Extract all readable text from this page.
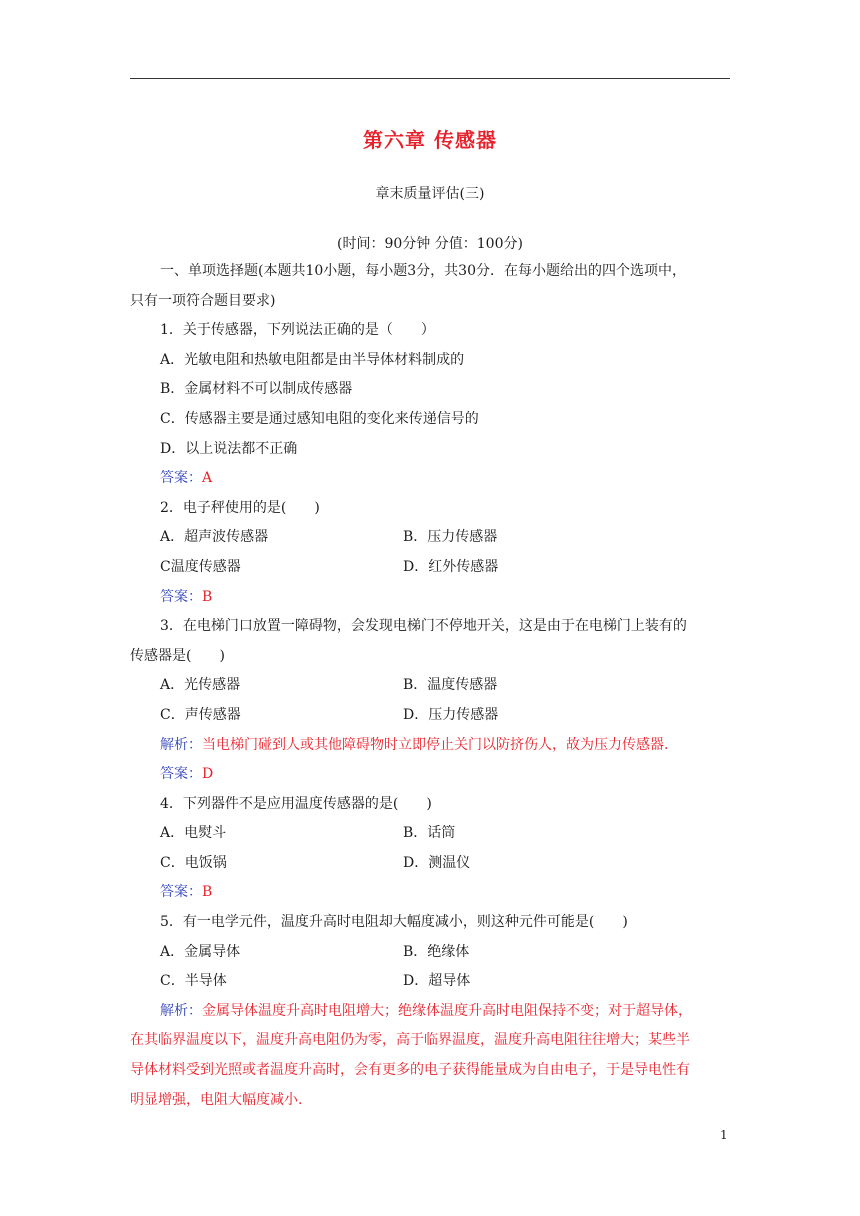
第六章 传感器
章末质量评估(三)
(时间：90分钟 分值：100分)
一、单项选择题(本题共10小题，每小题3分，共30分．在每小题给出的四个选项中，
只有一项符合题目要求)
1．关于传感器，下列说法正确的是（　　）
A．光敏电阻和热敏电阻都是由半导体材料制成的
B．金属材料不可以制成传感器
C．传感器主要是通过感知电阻的变化来传递信号的
D．以上说法都不正确
答案：A
2．电子秤使用的是(　　)
A．超声波传感器	B．压力传感器
C温度传感器	D．红外传感器
答案：B
3．在电梯门口放置一障碍物，会发现电梯门不停地开关，这是由于在电梯门上装有的
传感器是(　　)
A．光传感器	B．温度传感器
C．声传感器	D．压力传感器
解析：当电梯门碰到人或其他障碍物时立即停止关门以防挤伤人，故为压力传感器.
答案：D
4．下列器件不是应用温度传感器的是(　　)
A．电熨斗	B．话筒
C．电饭锅	D．测温仪
答案：B
5．有一电学元件，温度升高时电阻却大幅度减小，则这种元件可能是(　　)
A．金属导体	B．绝缘体
C．半导体	D．超导体
解析：金属导体温度升高时电阻增大；绝缘体温度升高时电阻保持不变；对于超导体，
在其临界温度以下，温度升高电阻仍为零，高于临界温度，温度升高电阻往往增大；某些半
导体材料受到光照或者温度升高时，会有更多的电子获得能量成为自由电子，于是导电性有
明显增强，电阻大幅度减小.
1
